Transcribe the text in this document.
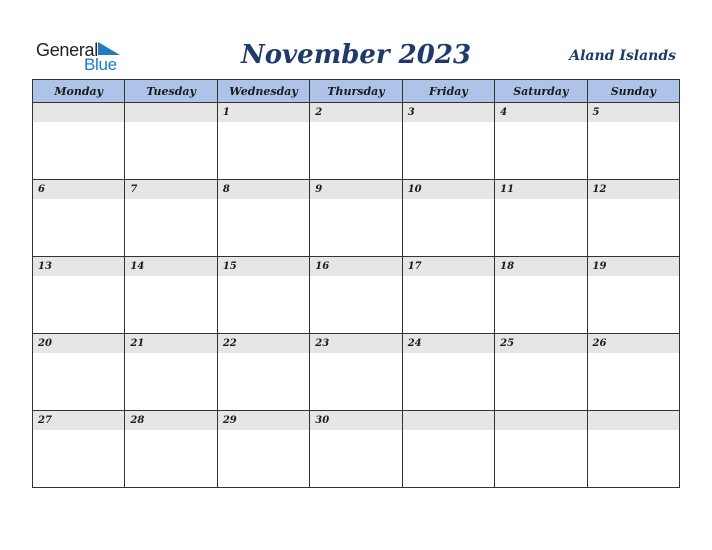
General
Blue	November 2023	Aland Islands
Monday	Tuesday	Wednesday	Thursday	Friday	Saturday	Sunday

		1	2	3	4	5

6	7	8	9	10	11	12

13	14	15	16	17	18	19

20	21	22	23	24	25	26

27	28	29	30			
